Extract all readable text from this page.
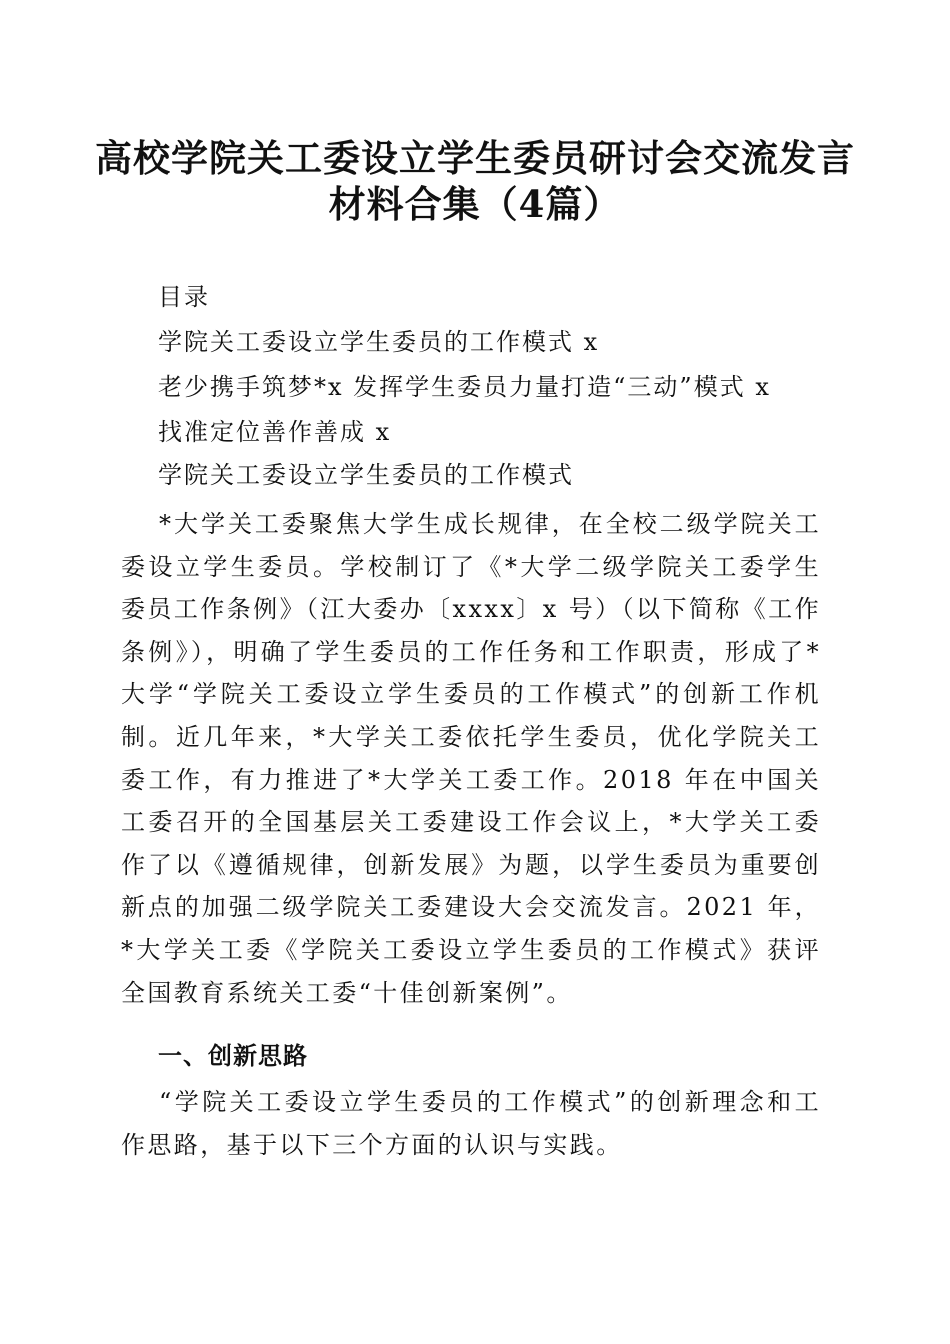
高校学院关工委设立学生委员研讨会交流发言
材料合集（4篇）
目录
学院关工委设立学生委员的工作模式 x
老少携手筑梦*x 发挥学生委员力量打造“三动”模式 x
找准定位善作善成 x
学院关工委设立学生委员的工作模式
*大学关工委聚焦大学生成长规律，在全校二级学院关工委设立学生委员。学校制订了《*大学二级学院关工委学生委员工作条例》（江大委办〔xxxx〕x 号）（以下简称《工作条例》），明确了学生委员的工作任务和工作职责，形成了*大学“学院关工委设立学生委员的工作模式”的创新工作机制。近几年来，*大学关工委依托学生委员，优化学院关工委工作，有力推进了*大学关工委工作。2018 年在中国关工委召开的全国基层关工委建设工作会议上，*大学关工委作了以《遵循规律，创新发展》为题，以学生委员为重要创新点的加强二级学院关工委建设大会交流发言。2021 年，*大学关工委《学院关工委设立学生委员的工作模式》获评全国教育系统关工委“十佳创新案例”。
一、创新思路
“学院关工委设立学生委员的工作模式”的创新理念和工作思路，基于以下三个方面的认识与实践。
